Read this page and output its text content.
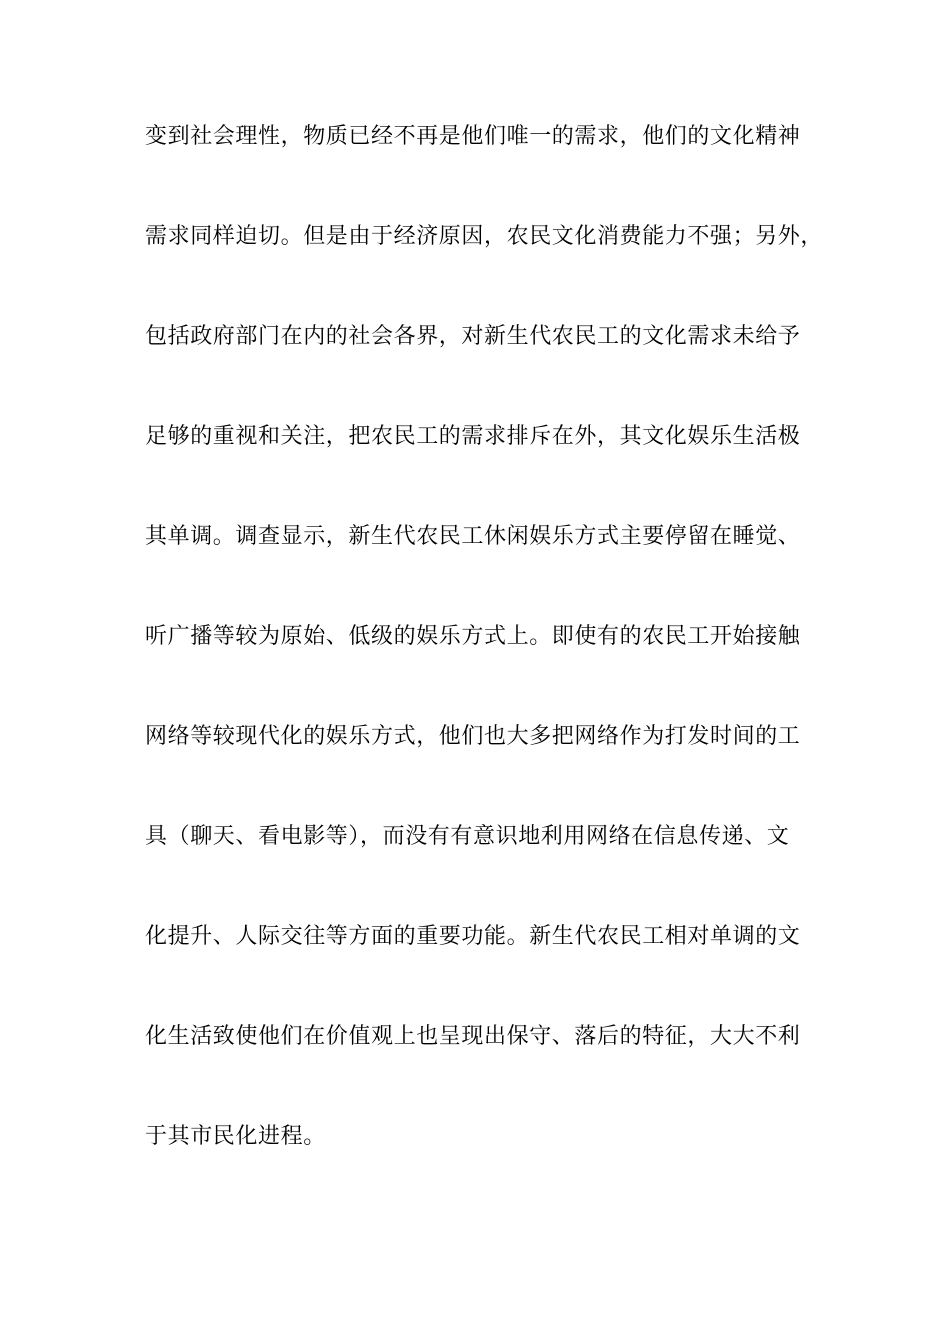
变到社会理性，物质已经不再是他们唯一的需求，他们的文化精神
需求同样迫切。但是由于经济原因，农民文化消费能力不强；另外，
包括政府部门在内的社会各界，对新生代农民工的文化需求未给予
足够的重视和关注，把农民工的需求排斥在外，其文化娱乐生活极
其单调。调查显示，新生代农民工休闲娱乐方式主要停留在睡觉、
听广播等较为原始、低级的娱乐方式上。即使有的农民工开始接触
网络等较现代化的娱乐方式，他们也大多把网络作为打发时间的工
具（聊天、看电影等），而没有有意识地利用网络在信息传递、文
化提升、人际交往等方面的重要功能。新生代农民工相对单调的文
化生活致使他们在价值观上也呈现出保守、落后的特征，大大不利
于其市民化进程。
